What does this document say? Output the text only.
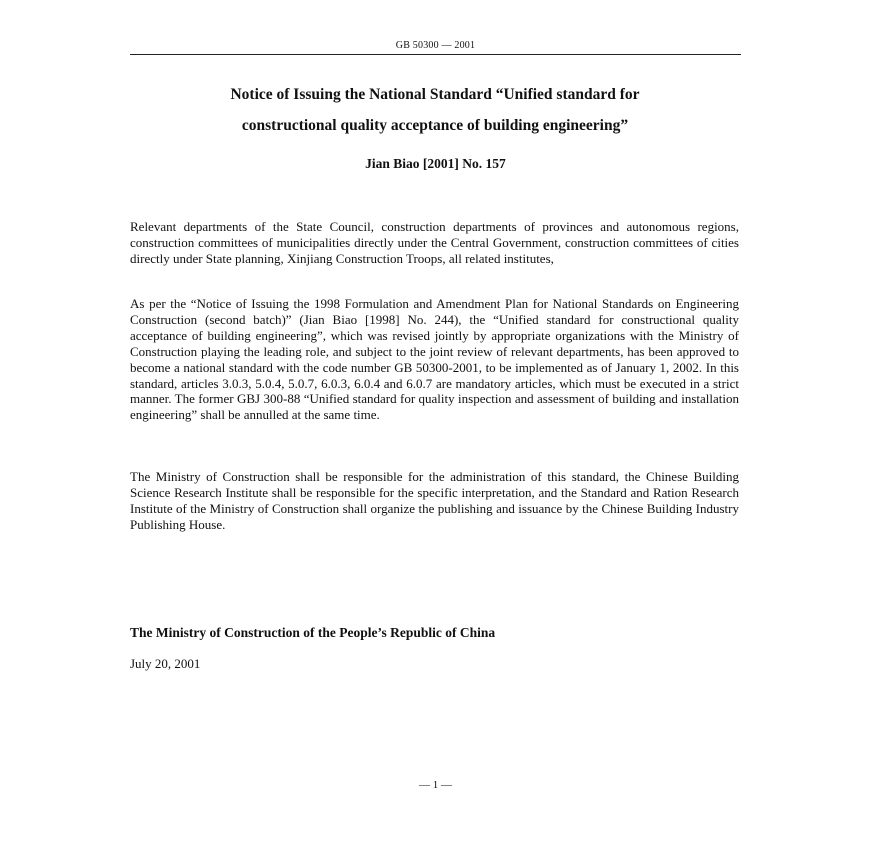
GB 50300 — 2001
Notice of Issuing the National Standard “Unified standard for
constructional quality acceptance of building engineering”
Jian Biao [2001] No. 157

Relevant departments of the State Council, construction departments of provinces and autonomous regions, construction committees of municipalities directly under the Central Government, construction committees of cities directly under State planning, Xinjiang Construction Troops, all related institutes,

As per the “Notice of Issuing the 1998 Formulation and Amendment Plan for National Standards on Engineering Construction (second batch)” (Jian Biao [1998] No. 244), the “Unified standard for constructional quality acceptance of building engineering”, which was revised jointly by appropriate organizations with the Ministry of Construction playing the leading role, and subject to the joint review of relevant departments, has been approved to become a national standard with the code number GB 50300-2001, to be implemented as of January 1, 2002. In this standard, articles 3.0.3, 5.0.4, 5.0.7, 6.0.3, 6.0.4 and 6.0.7 are mandatory articles, which must be executed in a strict manner. The former GBJ 300-88 “Unified standard for quality inspection and assessment of building and installation engineering” shall be annulled at the same time.

The Ministry of Construction shall be responsible for the administration of this standard, the Chinese Building Science Research Institute shall be responsible for the specific interpretation, and the Standard and Ration Research Institute of the Ministry of Construction shall organize the publishing and issuance by the Chinese Building Industry Publishing House.

The Ministry of Construction of the People’s Republic of China
July 20, 2001
— 1 —
